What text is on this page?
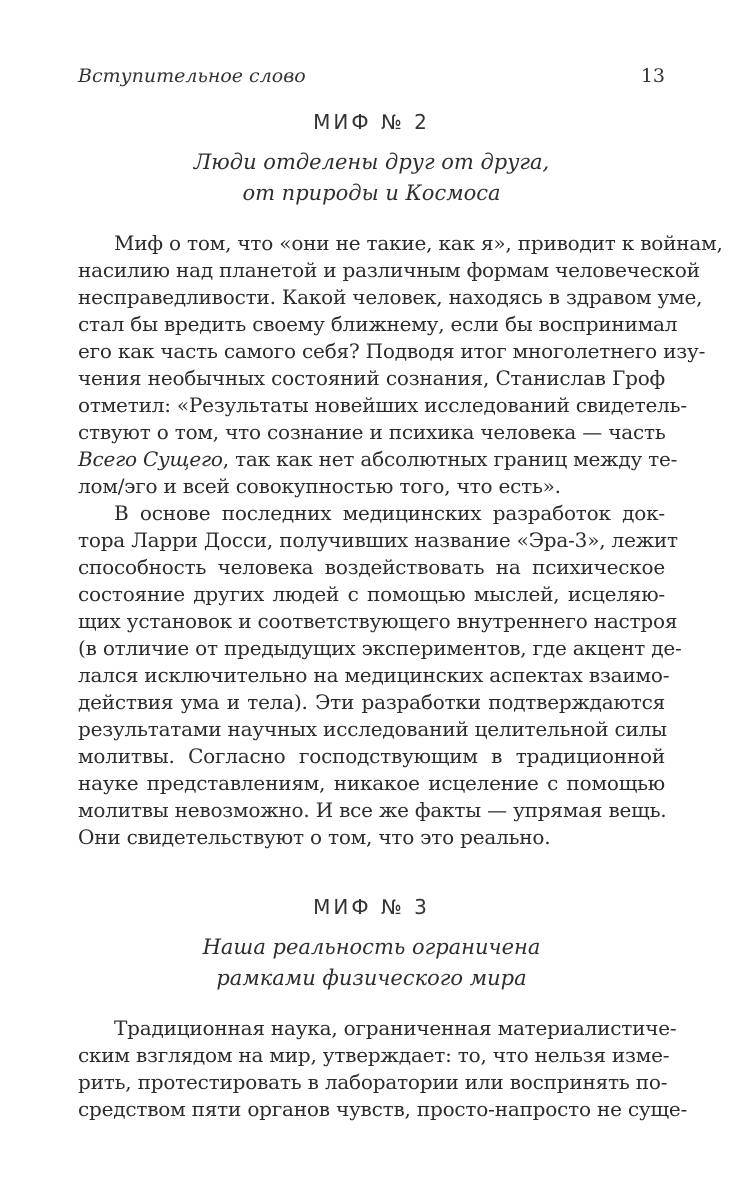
Вступительное слово	13
МИФ № 2
Люди отделены друг от друга,
от природы и Космоса

Миф о том, что «они не такие, как я», приводит к войнам,
насилию над планетой и различным формам человеческой
несправедливости. Какой человек, находясь в здравом уме,
стал бы вредить своему ближнему, если бы воспринимал
его как часть самого себя? Подводя итог многолетнего изу-
чения необычных состояний сознания, Станислав Гроф
отметил: «Результаты новейших исследований свидетель-
ствуют о том, что сознание и психика человека — часть
Всего Сущего, так как нет абсолютных границ между те-
лом/эго и всей совокупностью того, что есть».

В основе последних медицинских разработок док-
тора Ларри Досси, получивших название «Эра-3», лежит
способность человека воздействовать на психическое
состояние других людей с помощью мыслей, исцеляю-
щих установок и соответствующего внутреннего настроя
(в отличие от предыдущих экспериментов, где акцент де-
лался исключительно на медицинских аспектах взаимо-
действия ума и тела). Эти разработки подтверждаются
результатами научных исследований целительной силы
молитвы. Согласно господствующим в традиционной
науке представлениям, никакое исцеление с помощью
молитвы невозможно. И все же факты — упрямая вещь.
Они свидетельствуют о том, что это реально.

МИФ № 3
Наша реальность ограничена
рамками физического мира

Традиционная наука, ограниченная материалистиче-
ским взглядом на мир, утверждает: то, что нельзя изме-
рить, протестировать в лаборатории или воспринять по-
средством пяти органов чувств, просто-напросто не суще-
